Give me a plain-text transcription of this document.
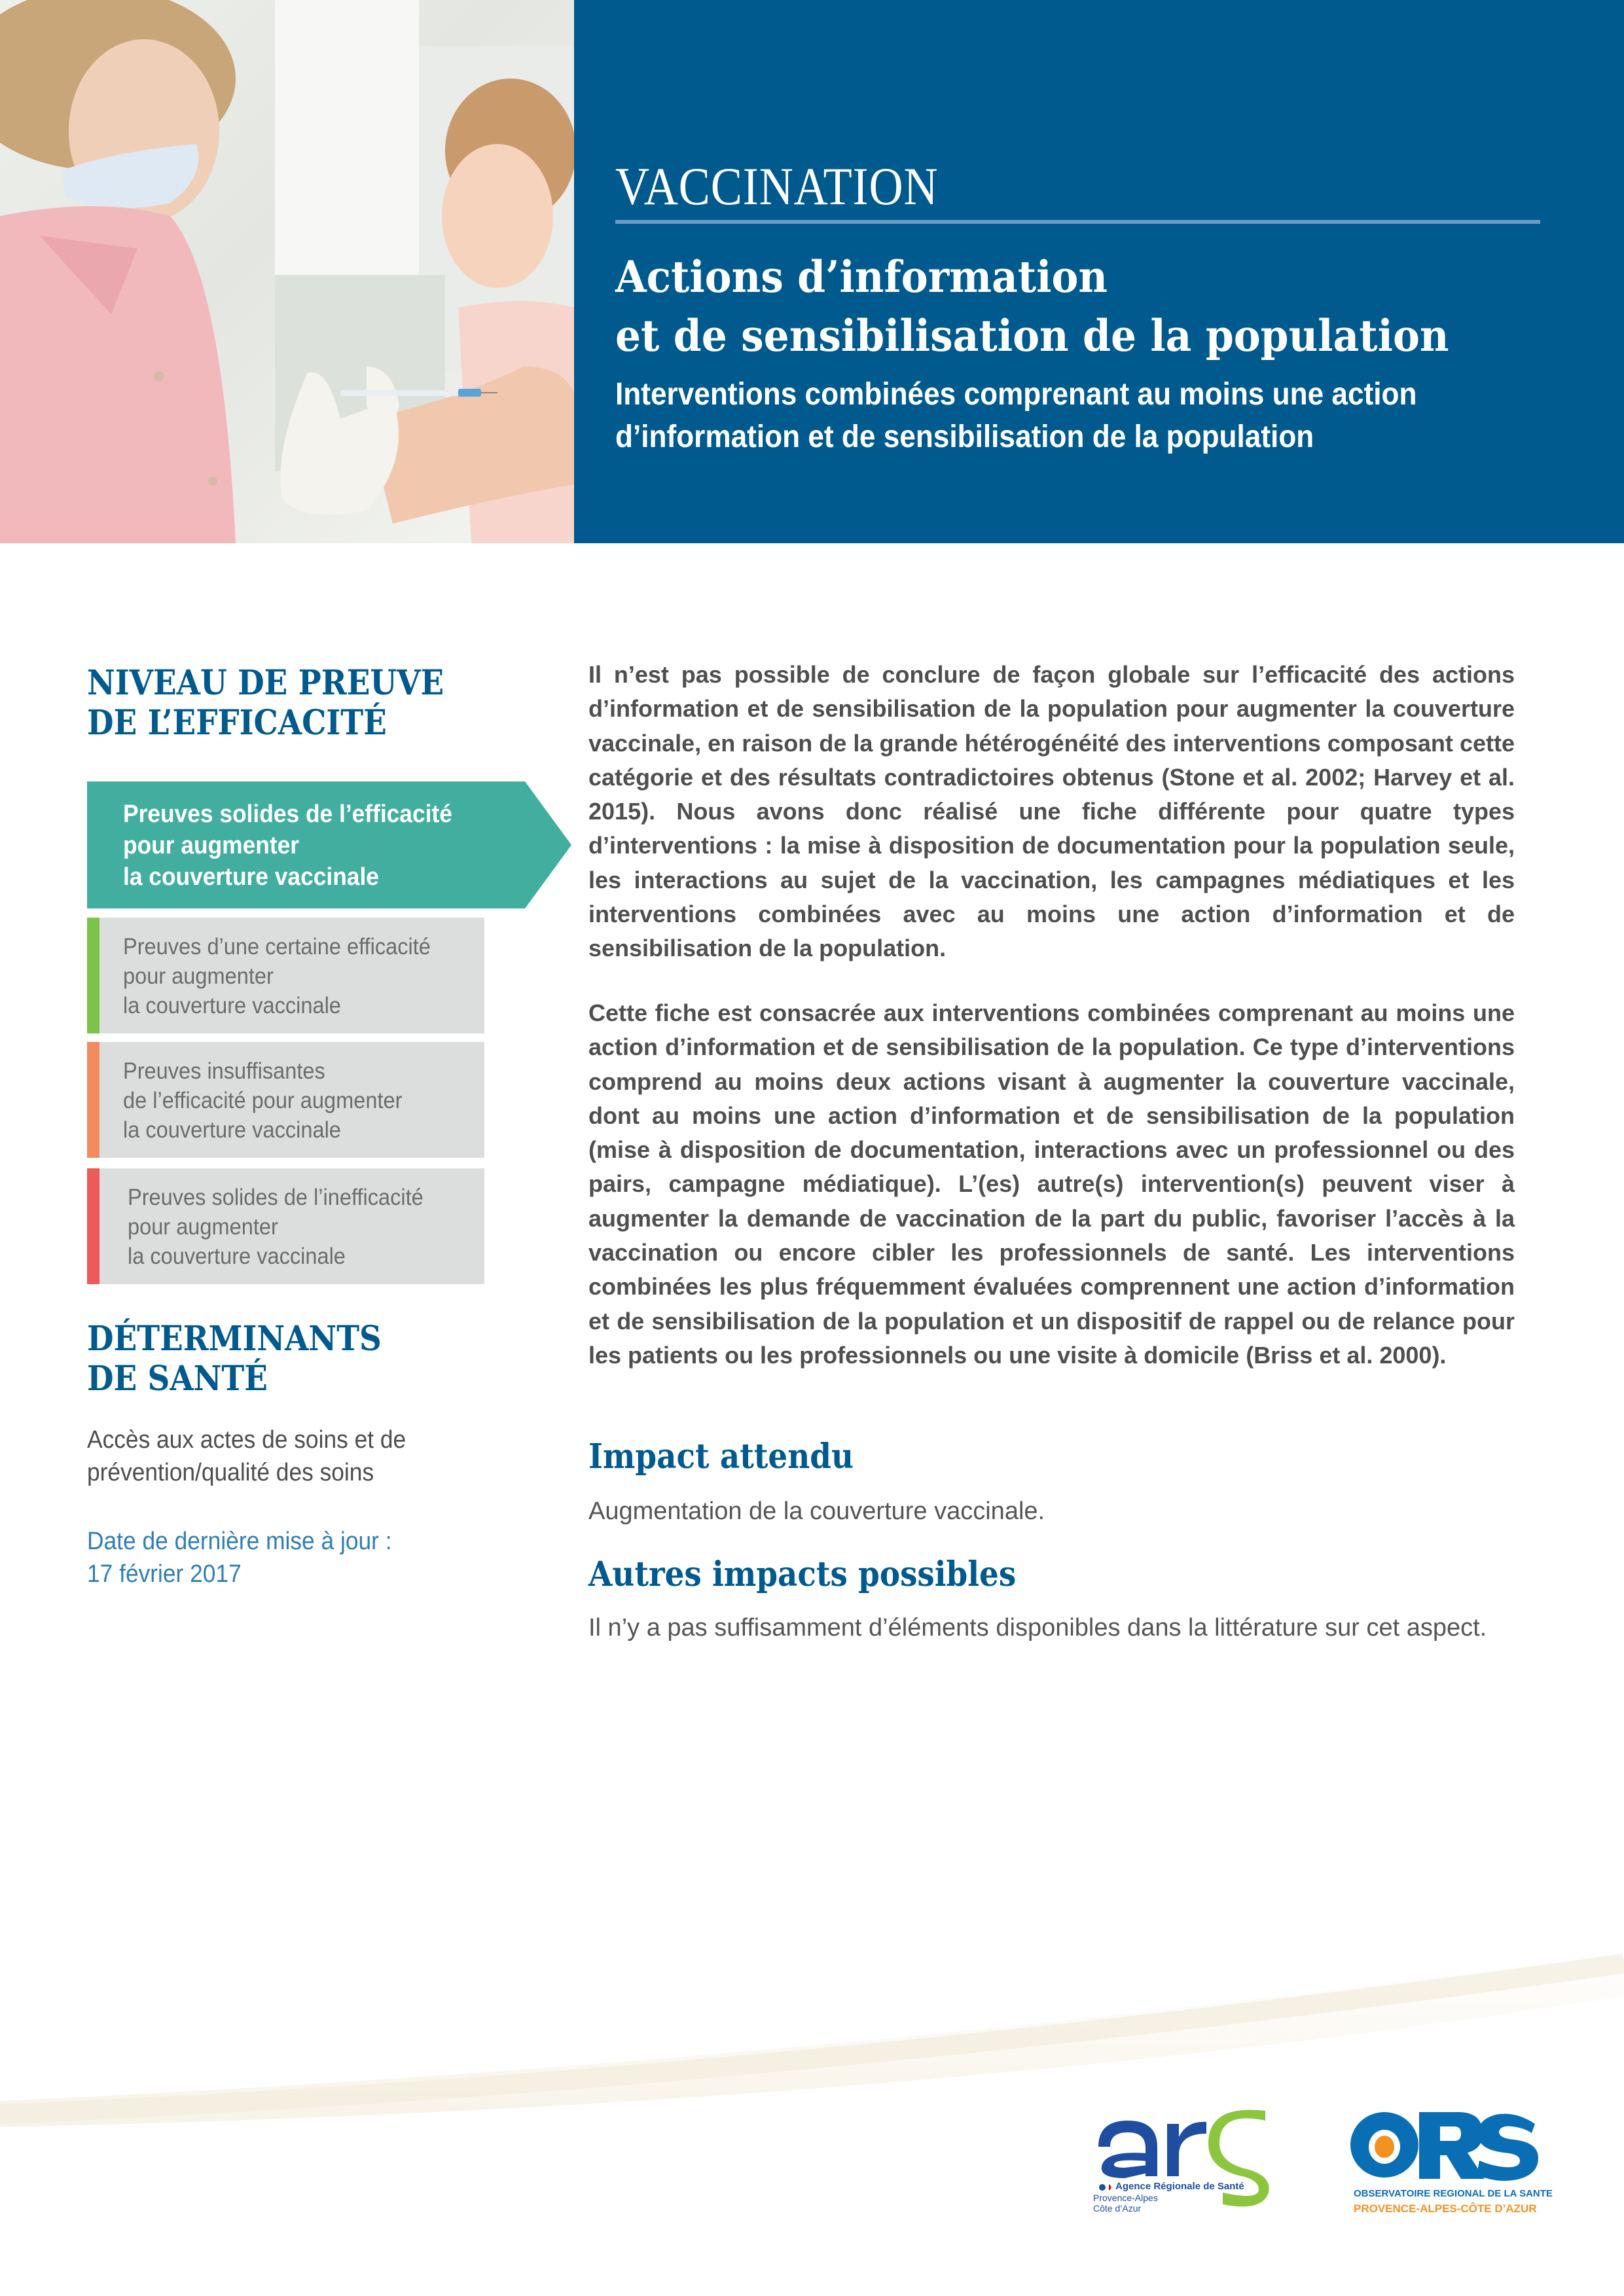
VACCINATION
Actions d’information
et de sensibilisation de la population
Interventions combinées comprenant au moins une action
d’information et de sensibilisation de la population
NIVEAU DE PREUVE
DE L’EFFICACITÉ
Preuves solides de l’efficacité
pour augmenter
la couverture vaccinale
Preuves d’une certaine efficacité
pour augmenter
la couverture vaccinale
Preuves insuffisantes
de l’efficacité pour augmenter
la couverture vaccinale
Preuves solides de l’inefficacité
pour augmenter
la couverture vaccinale
DÉTERMINANTS
DE SANTÉ

Accès aux actes de soins et de
prévention/qualité des soins

Date de dernière mise à jour :
17 février 2017

Il n’est pas possible de conclure de façon globale sur l’efficacité des actions d’information et de sensibilisation de la population pour augmenter la couverture vaccinale, en raison de la grande hétérogénéité des interventions composant cette catégorie et des résultats contradictoires obtenus (Stone et al. 2002; Harvey et al. 2015). Nous avons donc réalisé une fiche différente pour quatre types d’interventions : la mise à disposition de documentation pour la population seule, les interactions au sujet de la vaccination, les campagnes médiatiques et les interventions combinées avec au moins une action d’information et de sensibilisation de la population.

Cette fiche est consacrée aux interventions combinées comprenant au moins une action d’information et de sensibilisation de la population. Ce type d’interventions comprend au moins deux actions visant à augmenter la couverture vaccinale, dont au moins une action d’information et de sensibilisation de la population (mise à disposition de documentation, interactions avec un professionnel ou des pairs, campagne médiatique). L’(es) autre(s) intervention(s) peuvent viser à augmenter la demande de vaccination de la part du public, favoriser l’accès à la vaccination ou encore cibler les professionnels de santé. Les interventions combinées les plus fréquemment évaluées comprennent une action d’information et de sensibilisation de la population et un dispositif de rappel ou de relance pour les patients ou les professionnels ou une visite à domicile (Briss et al. 2000).

Impact attendu

Augmentation de la couverture vaccinale.

Autres impacts possibles

Il n’y a pas suffisamment d’éléments disponibles dans la littérature sur cet aspect.

Agence Régionale de Santé
Provence-Alpes
Côte d’Azur
OBSERVATOIRE REGIONAL DE LA SANTE
PROVENCE-ALPES-CÔTE D’AZUR
